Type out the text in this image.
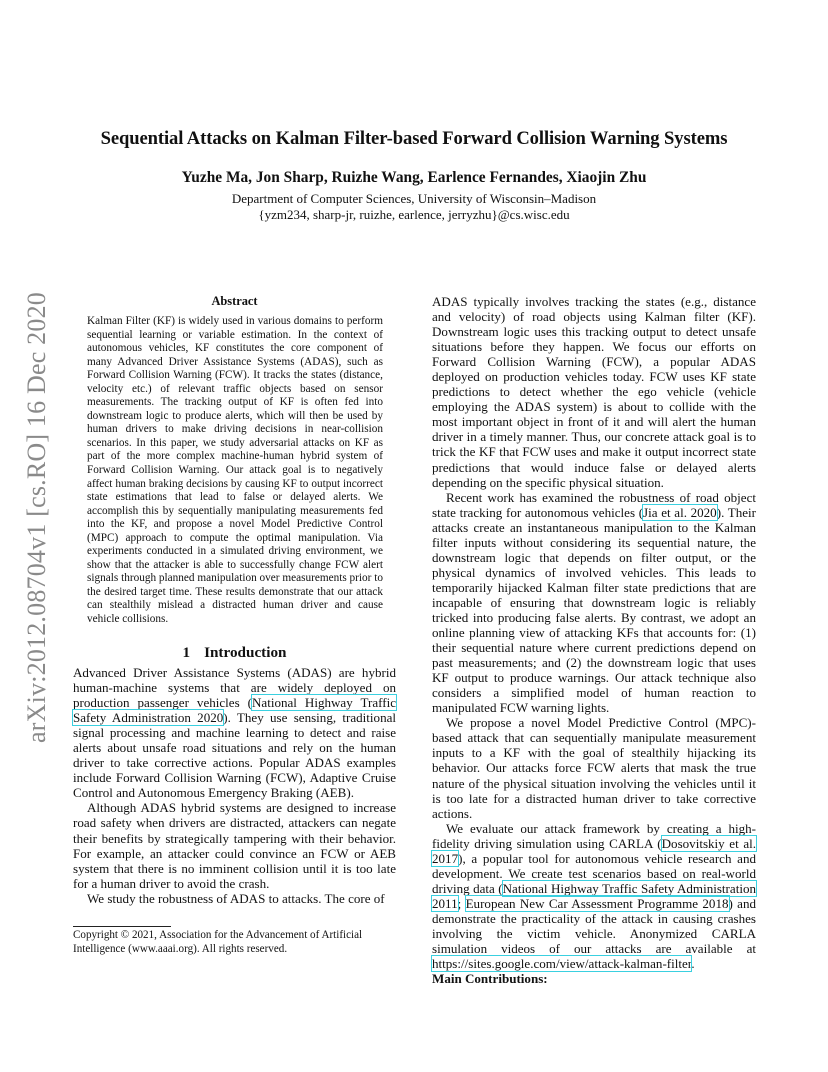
arXiv:2012.08704v1 [cs.RO] 16 Dec 2020
Sequential Attacks on Kalman Filter-based Forward Collision Warning Systems
Yuzhe Ma, Jon Sharp, Ruizhe Wang, Earlence Fernandes, Xiaojin Zhu
Department of Computer Sciences, University of Wisconsin–Madison
{yzm234, sharp-jr, ruizhe, earlence, jerryzhu}@cs.wisc.edu
Abstract

Kalman Filter (KF) is widely used in various domains to perform sequential learning or variable estimation. In the context of autonomous vehicles, KF constitutes the core component of many Advanced Driver Assistance Systems (ADAS), such as Forward Collision Warning (FCW). It tracks the states (distance, velocity etc.) of relevant traffic objects based on sensor measurements. The tracking output of KF is often fed into downstream logic to produce alerts, which will then be used by human drivers to make driving decisions in near-collision scenarios. In this paper, we study adversarial attacks on KF as part of the more complex machine-human hybrid system of Forward Collision Warning. Our attack goal is to negatively affect human braking decisions by causing KF to output incorrect state estimations that lead to false or delayed alerts. We accomplish this by sequentially manipulating measurements fed into the KF, and propose a novel Model Predictive Control (MPC) approach to compute the optimal manipulation. Via experiments conducted in a simulated driving environment, we show that the attacker is able to successfully change FCW alert signals through planned manipulation over measurements prior to the desired target time. These results demonstrate that our attack can stealthily mislead a distracted human driver and cause vehicle collisions.

1 Introduction

Advanced Driver Assistance Systems (ADAS) are hybrid human-machine systems that are widely deployed on production passenger vehicles (National Highway Traffic Safety Administration 2020). They use sensing, traditional signal processing and machine learning to detect and raise alerts about unsafe road situations and rely on the human driver to take corrective actions. Popular ADAS examples include Forward Collision Warning (FCW), Adaptive Cruise Control and Autonomous Emergency Braking (AEB).

Although ADAS hybrid systems are designed to increase road safety when drivers are distracted, attackers can negate their benefits by strategically tampering with their behavior. For example, an attacker could convince an FCW or AEB system that there is no imminent collision until it is too late for a human driver to avoid the crash.

We study the robustness of ADAS to attacks. The core of

Copyright © 2021, Association for the Advancement of Artificial Intelligence (www.aaai.org). All rights reserved.

ADAS typically involves tracking the states (e.g., distance and velocity) of road objects using Kalman filter (KF). Downstream logic uses this tracking output to detect unsafe situations before they happen. We focus our efforts on Forward Collision Warning (FCW), a popular ADAS deployed on production vehicles today. FCW uses KF state predictions to detect whether the ego vehicle (vehicle employing the ADAS system) is about to collide with the most important object in front of it and will alert the human driver in a timely manner. Thus, our concrete attack goal is to trick the KF that FCW uses and make it output incorrect state predictions that would induce false or delayed alerts depending on the specific physical situation.

Recent work has examined the robustness of road object state tracking for autonomous vehicles (Jia et al. 2020). Their attacks create an instantaneous manipulation to the Kalman filter inputs without considering its sequential nature, the downstream logic that depends on filter output, or the physical dynamics of involved vehicles. This leads to temporarily hijacked Kalman filter state predictions that are incapable of ensuring that downstream logic is reliably tricked into producing false alerts. By contrast, we adopt an online planning view of attacking KFs that accounts for: (1) their sequential nature where current predictions depend on past measurements; and (2) the downstream logic that uses KF output to produce warnings. Our attack technique also considers a simplified model of human reaction to manipulated FCW warning lights.

We propose a novel Model Predictive Control (MPC)-based attack that can sequentially manipulate measurement inputs to a KF with the goal of stealthily hijacking its behavior. Our attacks force FCW alerts that mask the true nature of the physical situation involving the vehicles until it is too late for a distracted human driver to take corrective actions.

We evaluate our attack framework by creating a high-fidelity driving simulation using CARLA (Dosovitskiy et al. 2017), a popular tool for autonomous vehicle research and development. We create test scenarios based on real-world driving data (National Highway Traffic Safety Administration 2011; European New Car Assessment Programme 2018) and demonstrate the practicality of the attack in causing crashes involving the victim vehicle. Anonymized CARLA simulation videos of our attacks are available at https://sites.google.com/view/attack-kalman-filter.

Main Contributions:
